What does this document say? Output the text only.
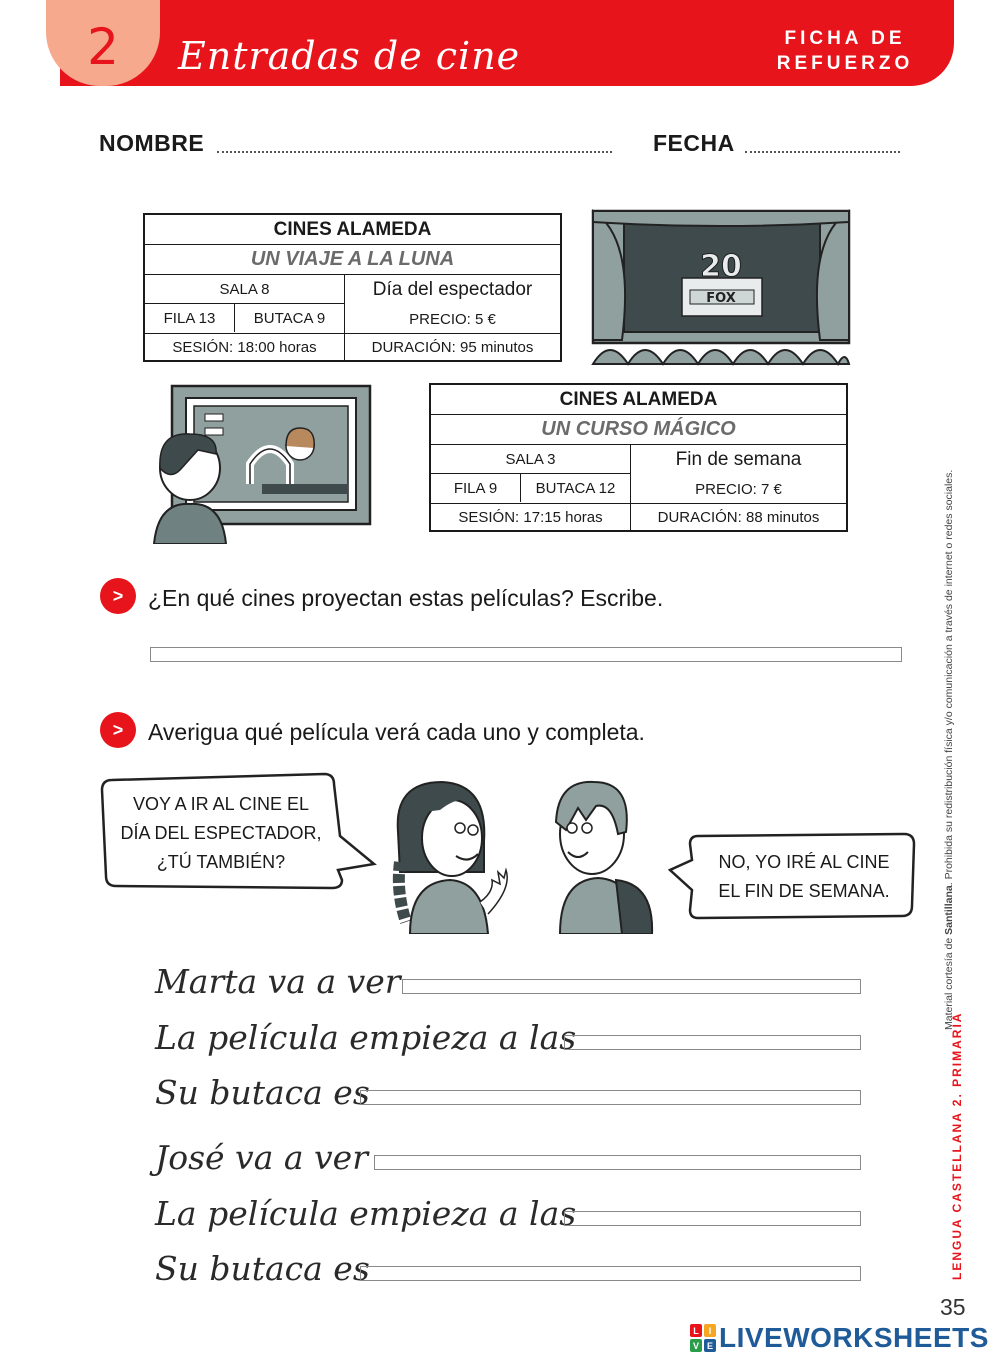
2	Entradas de cine	FICHA DE
REFUERZO
NOMBRE	FECHA
CINES ALAMEDA
UN VIAJE A LA LUNA
SALA 8
FILA 13	BUTACA 9
Día del espectador
PRECIO: 5 €
SESIÓN: 18:00 horas	DURACIÓN: 95 minutos
20
FOX
CINES ALAMEDA
UN CURSO MÁGICO
SALA 3
FILA 9	BUTACA 12
Fin de semana
PRECIO: 7 €
SESIÓN: 17:15 horas	DURACIÓN: 88 minutos
>	¿En qué cines proyectan estas películas? Escribe.
>	Averigua qué película verá cada uno y completa.
VOY A IR AL CINE EL
DÍA DEL ESPECTADOR,
¿TÚ TAMBIÉN?	NO, YO IRÉ AL CINE
EL FIN DE SEMANA.
Marta va a ver
La película empieza a las
Su butaca es
José va a ver
La película empieza a las
Su butaca es	LENGUA CASTELLANA 2. PRIMARIA
Material cortesía de Santillana. Prohibida su redistribución física y/o comunicación a través de internet o redes sociales.
35
L	I
V E LIVEWORKSHEETS
